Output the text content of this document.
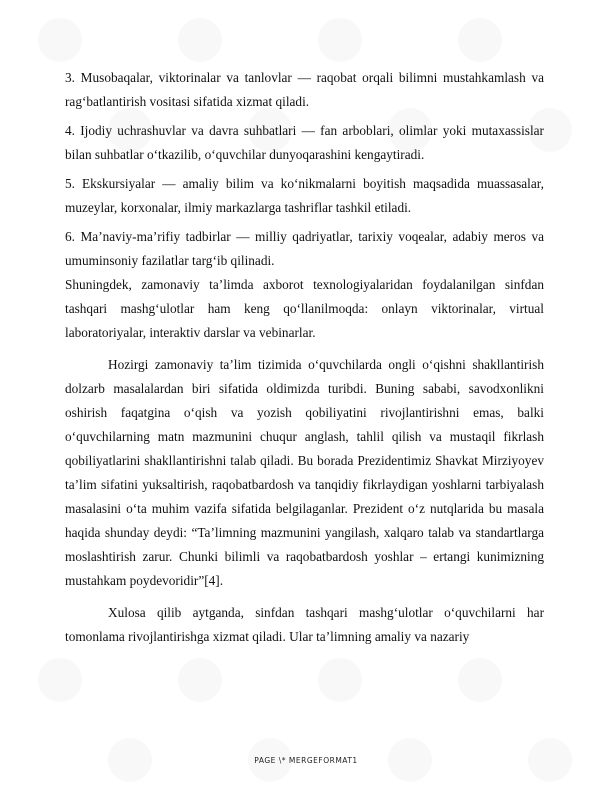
3. Musobaqalar, viktorinalar va tanlovlar — raqobat orqali bilimni mustahkamlash va rag‘batlantirish vositasi sifatida xizmat qiladi.

4. Ijodiy uchrashuvlar va davra suhbatlari — fan arboblari, olimlar yoki mutaxassislar bilan suhbatlar o‘tkazilib, o‘quvchilar dunyoqarashini kengaytiradi.

5. Ekskursiyalar — amaliy bilim va ko‘nikmalarni boyitish maqsadida muassasalar, muzeylar, korxonalar, ilmiy markazlarga tashriflar tashkil etiladi.

6. Ma’naviy-ma’rifiy tadbirlar — milliy qadriyatlar, tarixiy voqealar, adabiy meros va umuminsoniy fazilatlar targ‘ib qilinadi.

Shuningdek, zamonaviy ta’limda axborot texnologiyalaridan foydalanilgan sinfdan tashqari mashg‘ulotlar ham keng qo‘llanilmoqda: onlayn viktorinalar, virtual laboratoriyalar, interaktiv darslar va vebinarlar.

Hozirgi zamonaviy ta’lim tizimida o‘quvchilarda ongli o‘qishni shakllantirish dolzarb masalalardan biri sifatida oldimizda turibdi. Buning sababi, savodxonlikni oshirish faqatgina o‘qish va yozish qobiliyatini rivojlantirishni emas, balki o‘quvchilarning matn mazmunini chuqur anglash, tahlil qilish va mustaqil fikrlash qobiliyatlarini shakllantirishni talab qiladi. Bu borada Prezidentimiz Shavkat Mirziyoyev ta’lim sifatini yuksaltirish, raqobatbardosh va tanqidiy fikrlaydigan yoshlarni tarbiyalash masalasini o‘ta muhim vazifa sifatida belgilaganlar. Prezident o‘z nutqlarida bu masala haqida shunday deydi: “Ta’limning mazmunini yangilash, xalqaro talab va standartlarga moslashtirish zarur. Chunki bilimli va raqobatbardosh yoshlar – ertangi kunimizning mustahkam poydevoridir”[4].

Xulosa qilib aytganda, sinfdan tashqari mashg‘ulotlar o‘quvchilarni har tomonlama rivojlantirishga xizmat qiladi. Ular ta’limning amaliy va nazariy

PAGE \* MERGEFORMAT1
